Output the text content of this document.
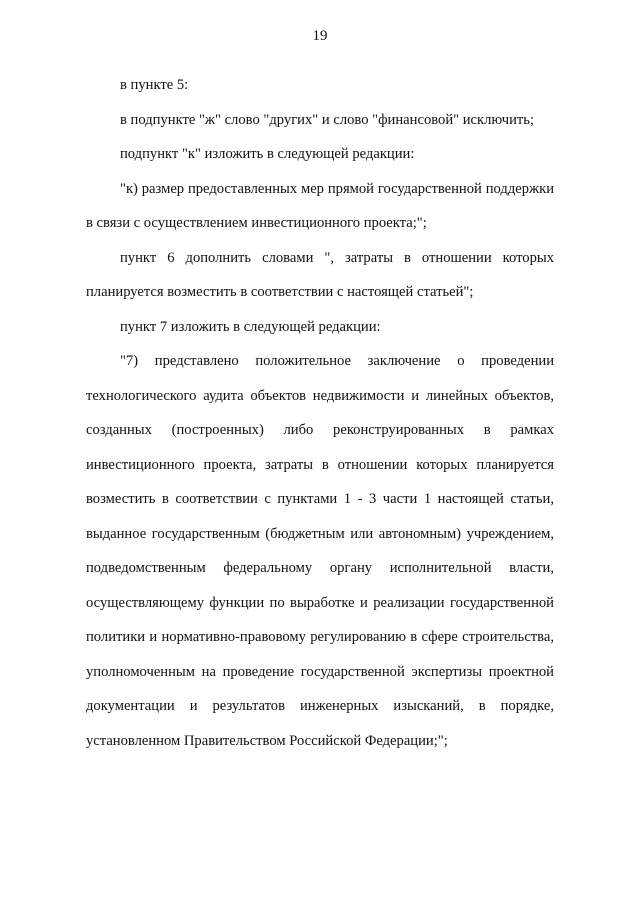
19

в пункте 5:

в подпункте "ж" слово "других" и слово "финансовой" исключить;

подпункт "к" изложить в следующей редакции:

"к) размер предоставленных мер прямой государственной поддержки в связи с осуществлением инвестиционного проекта;";

пункт 6 дополнить словами ", затраты в отношении которых планируется возместить в соответствии с настоящей статьей";

пункт 7 изложить в следующей редакции:

"7) представлено положительное заключение о проведении технологического аудита объектов недвижимости и линейных объектов, созданных (построенных) либо реконструированных в рамках инвестиционного проекта, затраты в отношении которых планируется возместить в соответствии с пунктами 1 - 3 части 1 настоящей статьи, выданное государственным (бюджетным или автономным) учреждением, подведомственным федеральному органу исполнительной власти, осуществляющему функции по выработке и реализации государственной политики и нормативно-правовому регулированию в сфере строительства, уполномоченным на проведение государственной экспертизы проектной документации и результатов инженерных изысканий, в порядке, установленном Правительством Российской Федерации;";
